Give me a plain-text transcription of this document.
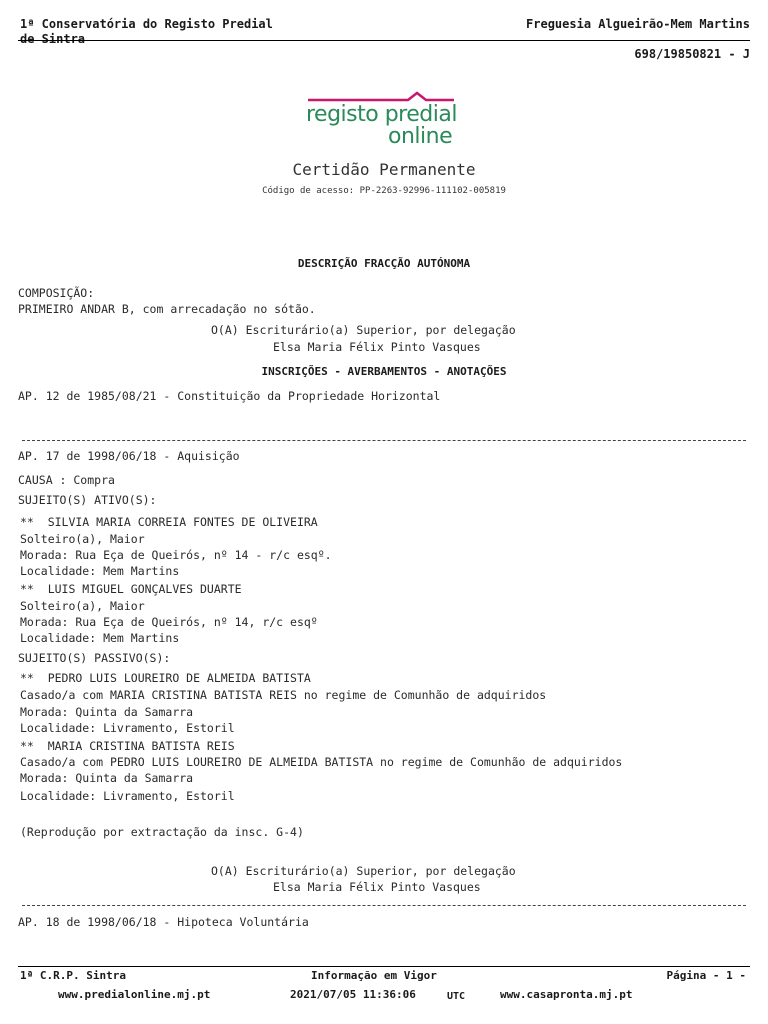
1ª Conservatória do Registo Predial
de Sintra
Freguesia Algueirão-Mem Martins
698/19850821 - J
registo predial
online
Certidão Permanente
Código de acesso: PP-2263-92996-111102-005819
DESCRIÇÃO FRACÇÃO AUTÓNOMA
COMPOSIÇÃO:
PRIMEIRO ANDAR B, com arrecadação no sótão.
O(A) Escriturário(a) Superior, por delegação
Elsa Maria Félix Pinto Vasques
INSCRIÇÕES - AVERBAMENTOS - ANOTAÇÕES
AP. 12 de 1985/08/21 - Constituição da Propriedade Horizontal
AP. 17 de 1998/06/18 - Aquisição
CAUSA : Compra
SUJEITO(S) ATIVO(S):
**  SILVIA MARIA CORREIA FONTES DE OLIVEIRA
Solteiro(a), Maior
Morada: Rua Eça de Queirós, nº 14 - r/c esqº.
Localidade: Mem Martins
**  LUIS MIGUEL GONÇALVES DUARTE
Solteiro(a), Maior
Morada: Rua Eça de Queirós, nº 14, r/c esqº
Localidade: Mem Martins
SUJEITO(S) PASSIVO(S):
**  PEDRO LUIS LOUREIRO DE ALMEIDA BATISTA
Casado/a com MARIA CRISTINA BATISTA REIS no regime de Comunhão de adquiridos
Morada: Quinta da Samarra
Localidade: Livramento, Estoril
**  MARIA CRISTINA BATISTA REIS
Casado/a com PEDRO LUIS LOUREIRO DE ALMEIDA BATISTA no regime de Comunhão de adquiridos
Morada: Quinta da Samarra
Localidade: Livramento, Estoril
(Reprodução por extractação da insc. G-4)
O(A) Escriturário(a) Superior, por delegação
Elsa Maria Félix Pinto Vasques
AP. 18 de 1998/06/18 - Hipoteca Voluntária
1ª C.R.P. Sintra	Informação em Vigor	Página - 1 -
www.predialonline.mj.pt	2021/07/05 11:36:06	UTC	www.casapronta.mj.pt
